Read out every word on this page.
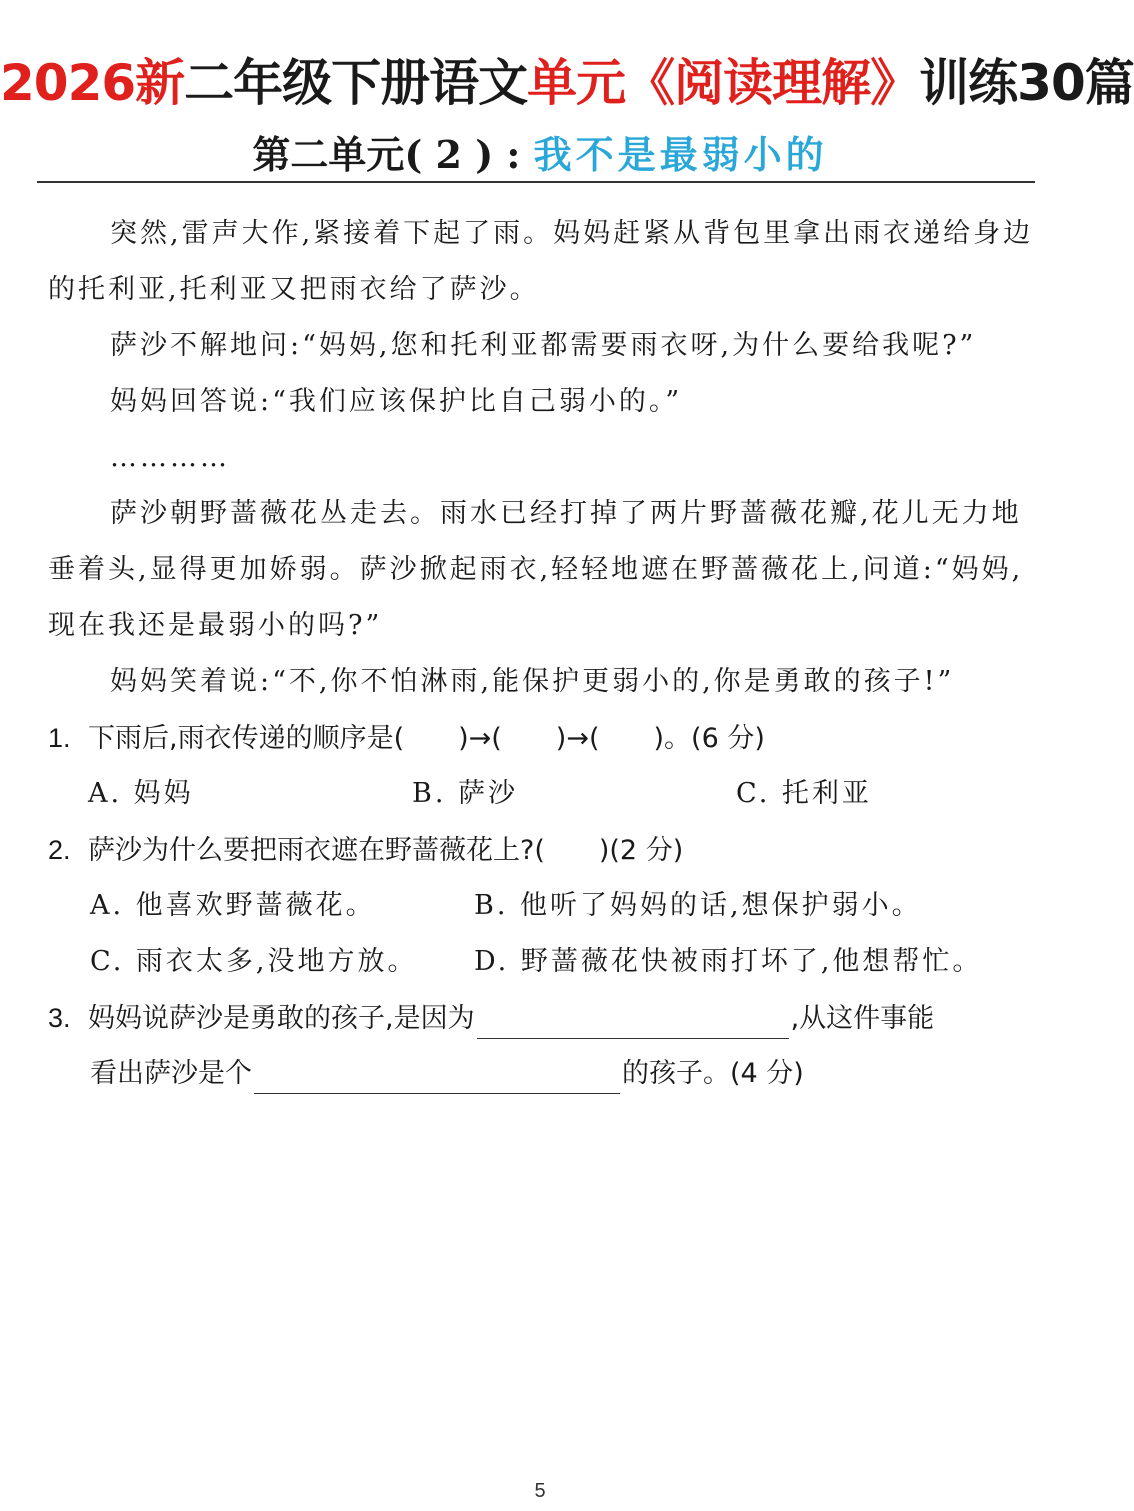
2026新二年级下册语文单元《阅读理解》训练30篇
第二单元( 2 ) : 我不是最弱小的

突然,雷声大作,紧接着下起了雨。妈妈赶紧从背包里拿出雨衣递给身边的托利亚,托利亚又把雨衣给了萨沙。

萨沙不解地问:“妈妈,您和托利亚都需要雨衣呀,为什么要给我呢?”

妈妈回答说:“我们应该保护比自己弱小的。”

…………

萨沙朝野蔷薇花丛走去。雨水已经打掉了两片野蔷薇花瓣,花儿无力地垂着头,显得更加娇弱。萨沙掀起雨衣,轻轻地遮在野蔷薇花上,问道:“妈妈,现在我还是最弱小的吗?”

妈妈笑着说:“不,你不怕淋雨,能保护更弱小的,你是勇敢的孩子!”

1. 下雨后,雨衣传递的顺序是(　　)→(　　)→(　　)。(6 分)
A. 妈妈	B. 萨沙	C. 托利亚
2. 萨沙为什么要把雨衣遮在野蔷薇花上?(　　)(2 分)
A. 他喜欢野蔷薇花。	B. 他听了妈妈的话,想保护弱小。
C. 雨衣太多,没地方放。 D. 野蔷薇花快被雨打坏了,他想帮忙。
3. 妈妈说萨沙是勇敢的孩子,是因为	,从这件事能
看出萨沙是个	的孩子。(4 分)
5
